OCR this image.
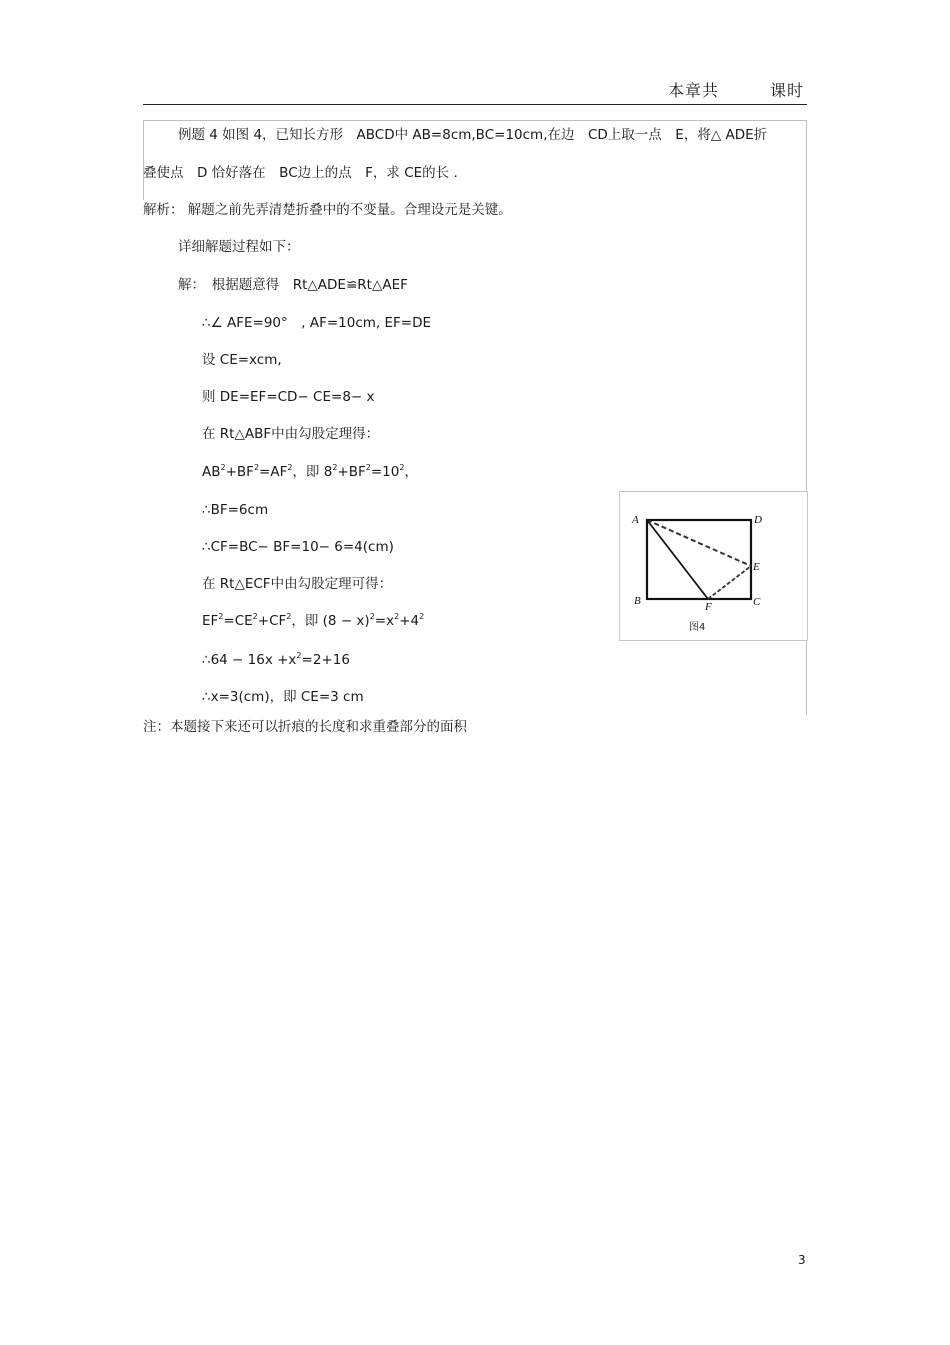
本章共　　　课时
例题 4 如图 4，已知长方形　ABCD中 AB=8cm,BC=10cm,在边　CD上取一点　E，将△ ADE折
叠使点　D 恰好落在　BC边上的点　F，求 CE的长 .
解析： 解题之前先弄清楚折叠中的不变量。合理设元是关键。
详细解题过程如下：
解：　根据题意得　Rt△ADE≌Rt△AEF
∴∠ AFE=90°　, AF=10cm, EF=DE
设 CE=xcm,
则 DE=EF=CD− CE=8− x
在 Rt△ABF中由勾股定理得：
$AB^2+BF^2=AF^2$，即 $8^2+BF^2=10^2$，
∴BF=6cm
∴CF=BC− BF=10− 6=4(cm)
在 Rt△ECF中由勾股定理可得：
$EF^2=CE^2+CF^2$，即 $(8 - x)^2=x^2+4^2$
∴64 − $16x +x^2=2+16$
∴x=3(cm)，即 CE=3 cm
注：本题接下来还可以折痕的长度和求重叠部分的面积
A	D
E
B	F	C
图4
3
